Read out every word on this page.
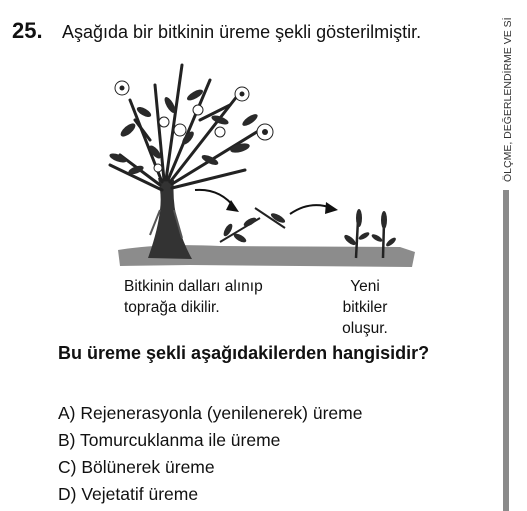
25. Aşağıda bir bitkinin üreme şekli gösterilmiştir.	ÖLÇME, DEĞERLENDİRME VE Sİ
Bitkinin dalları alınıp
toprağa dikilir.
Yeni bitkiler
oluşur.
Bu üreme şekli aşağıdakilerden hangisidir?
A) Rejenerasyonla (yenilenerek) üreme
B) Tomurcuklanma ile üreme
C) Bölünerek üreme
D) Vejetatif üreme
